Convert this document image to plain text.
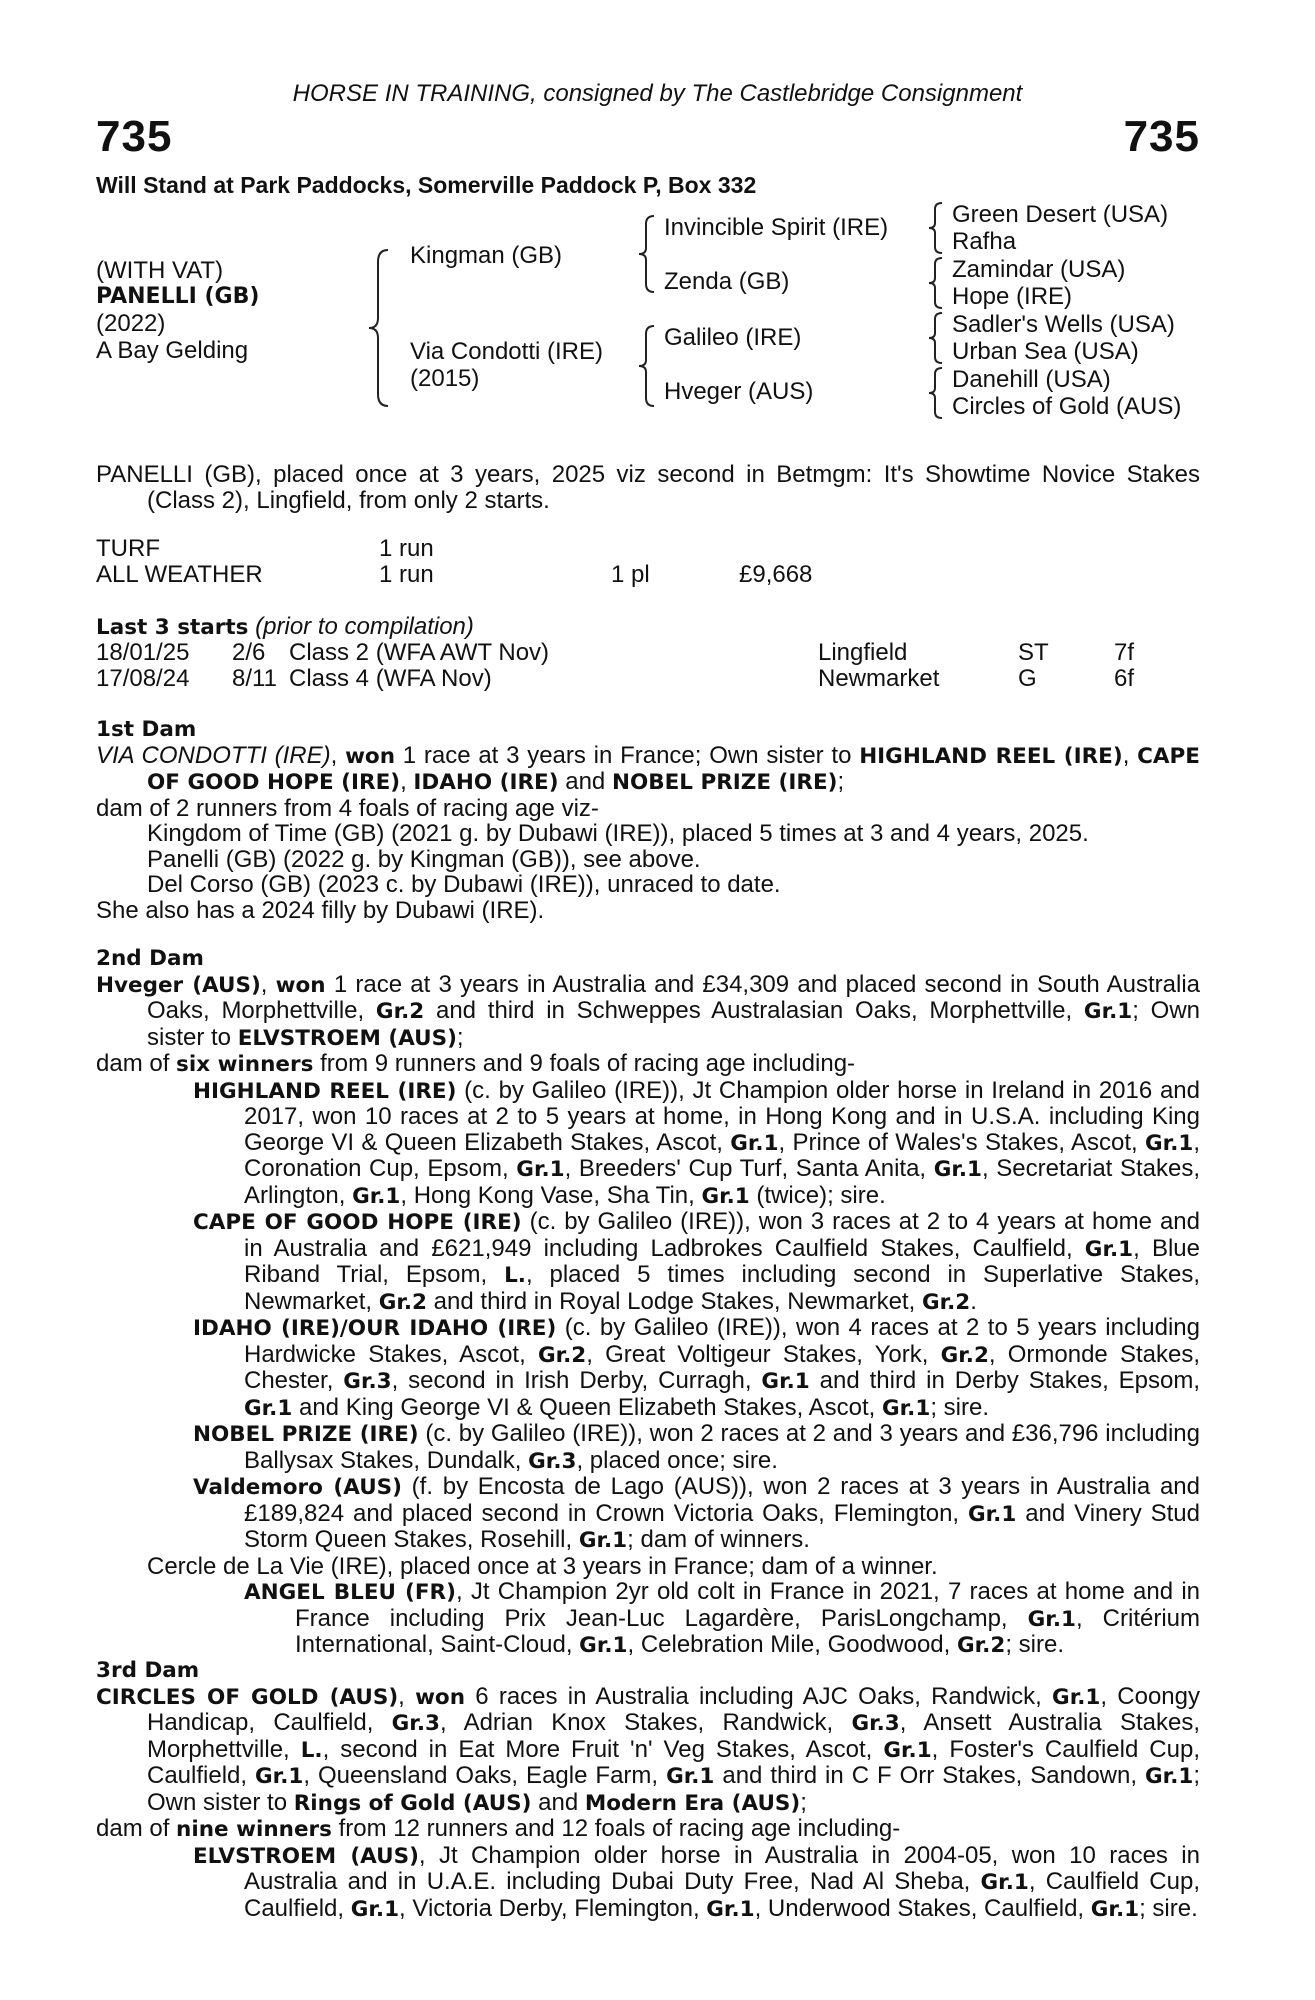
HORSE IN TRAINING, consigned by The Castlebridge Consignment
735	735
Will Stand at Park Paddocks, Somerville Paddock P, Box 332
(WITH VAT)
PANELLI (GB)
(2022)
A Bay Gelding
Kingman (GB)
Via Condotti (IRE)
(2015)
Invincible Spirit (IRE)
Zenda (GB)
Galileo (IRE)
Hveger (AUS)
Green Desert (USA)
Rafha
Zamindar (USA)
Hope (IRE)
Sadler's Wells (USA)
Urban Sea (USA)
Danehill (USA)
Circles of Gold (AUS)

PANELLI (GB), placed once at 3 years, 2025 viz second in Betmgm: It's Showtime Novice Stakes (Class 2), Lingfield, from only 2 starts.

TURF	1 run
ALL WEATHER	1 run	1 pl	£9,668
Last 3 starts (prior to compilation)
18/01/25 2/6 Class 2 (WFA AWT Nov)	Lingfield	ST	7f
17/08/24 8/11 Class 4 (WFA Nov)	Newmarket	G	6f

1st Dam

VIA CONDOTTI (IRE), won 1 race at 3 years in France; Own sister to HIGHLAND REEL (IRE), CAPE OF GOOD HOPE (IRE), IDAHO (IRE) and NOBEL PRIZE (IRE);

dam of 2 runners from 4 foals of racing age viz-

Kingdom of Time (GB) (2021 g. by Dubawi (IRE)), placed 5 times at 3 and 4 years, 2025.

Panelli (GB) (2022 g. by Kingman (GB)), see above.

Del Corso (GB) (2023 c. by Dubawi (IRE)), unraced to date.

She also has a 2024 filly by Dubawi (IRE).

2nd Dam

Hveger (AUS), won 1 race at 3 years in Australia and £34,309 and placed second in South Australia Oaks, Morphettville, Gr.2 and third in Schweppes Australasian Oaks, Morphettville, Gr.1; Own sister to ELVSTROEM (AUS);

dam of six winners from 9 runners and 9 foals of racing age including-

HIGHLAND REEL (IRE) (c. by Galileo (IRE)), Jt Champion older horse in Ireland in 2016 and 2017, won 10 races at 2 to 5 years at home, in Hong Kong and in U.S.A. including King George VI & Queen Elizabeth Stakes, Ascot, Gr.1, Prince of Wales's Stakes, Ascot, Gr.1, Coronation Cup, Epsom, Gr.1, Breeders' Cup Turf, Santa Anita, Gr.1, Secretariat Stakes, Arlington, Gr.1, Hong Kong Vase, Sha Tin, Gr.1 (twice); sire.

CAPE OF GOOD HOPE (IRE) (c. by Galileo (IRE)), won 3 races at 2 to 4 years at home and in Australia and £621,949 including Ladbrokes Caulfield Stakes, Caulfield, Gr.1, Blue Riband Trial, Epsom, L., placed 5 times including second in Superlative Stakes, Newmarket, Gr.2 and third in Royal Lodge Stakes, Newmarket, Gr.2.

IDAHO (IRE)/OUR IDAHO (IRE) (c. by Galileo (IRE)), won 4 races at 2 to 5 years including Hardwicke Stakes, Ascot, Gr.2, Great Voltigeur Stakes, York, Gr.2, Ormonde Stakes, Chester, Gr.3, second in Irish Derby, Curragh, Gr.1 and third in Derby Stakes, Epsom, Gr.1 and King George VI & Queen Elizabeth Stakes, Ascot, Gr.1; sire.

NOBEL PRIZE (IRE) (c. by Galileo (IRE)), won 2 races at 2 and 3 years and £36,796 including Ballysax Stakes, Dundalk, Gr.3, placed once; sire.

Valdemoro (AUS) (f. by Encosta de Lago (AUS)), won 2 races at 3 years in Australia and £189,824 and placed second in Crown Victoria Oaks, Flemington, Gr.1 and Vinery Stud Storm Queen Stakes, Rosehill, Gr.1; dam of winners.

Cercle de La Vie (IRE), placed once at 3 years in France; dam of a winner.

ANGEL BLEU (FR), Jt Champion 2yr old colt in France in 2021, 7 races at home and in France including Prix Jean-Luc Lagardère, ParisLongchamp, Gr.1, Critérium International, Saint-Cloud, Gr.1, Celebration Mile, Goodwood, Gr.2; sire.

3rd Dam

CIRCLES OF GOLD (AUS), won 6 races in Australia including AJC Oaks, Randwick, Gr.1, Coongy Handicap, Caulfield, Gr.3, Adrian Knox Stakes, Randwick, Gr.3, Ansett Australia Stakes, Morphettville, L., second in Eat More Fruit 'n' Veg Stakes, Ascot, Gr.1, Foster's Caulfield Cup, Caulfield, Gr.1, Queensland Oaks, Eagle Farm, Gr.1 and third in C F Orr Stakes, Sandown, Gr.1; Own sister to Rings of Gold (AUS) and Modern Era (AUS);

dam of nine winners from 12 runners and 12 foals of racing age including-

ELVSTROEM (AUS), Jt Champion older horse in Australia in 2004-05, won 10 races in Australia and in U.A.E. including Dubai Duty Free, Nad Al Sheba, Gr.1, Caulfield Cup, Caulfield, Gr.1, Victoria Derby, Flemington, Gr.1, Underwood Stakes, Caulfield, Gr.1; sire.
